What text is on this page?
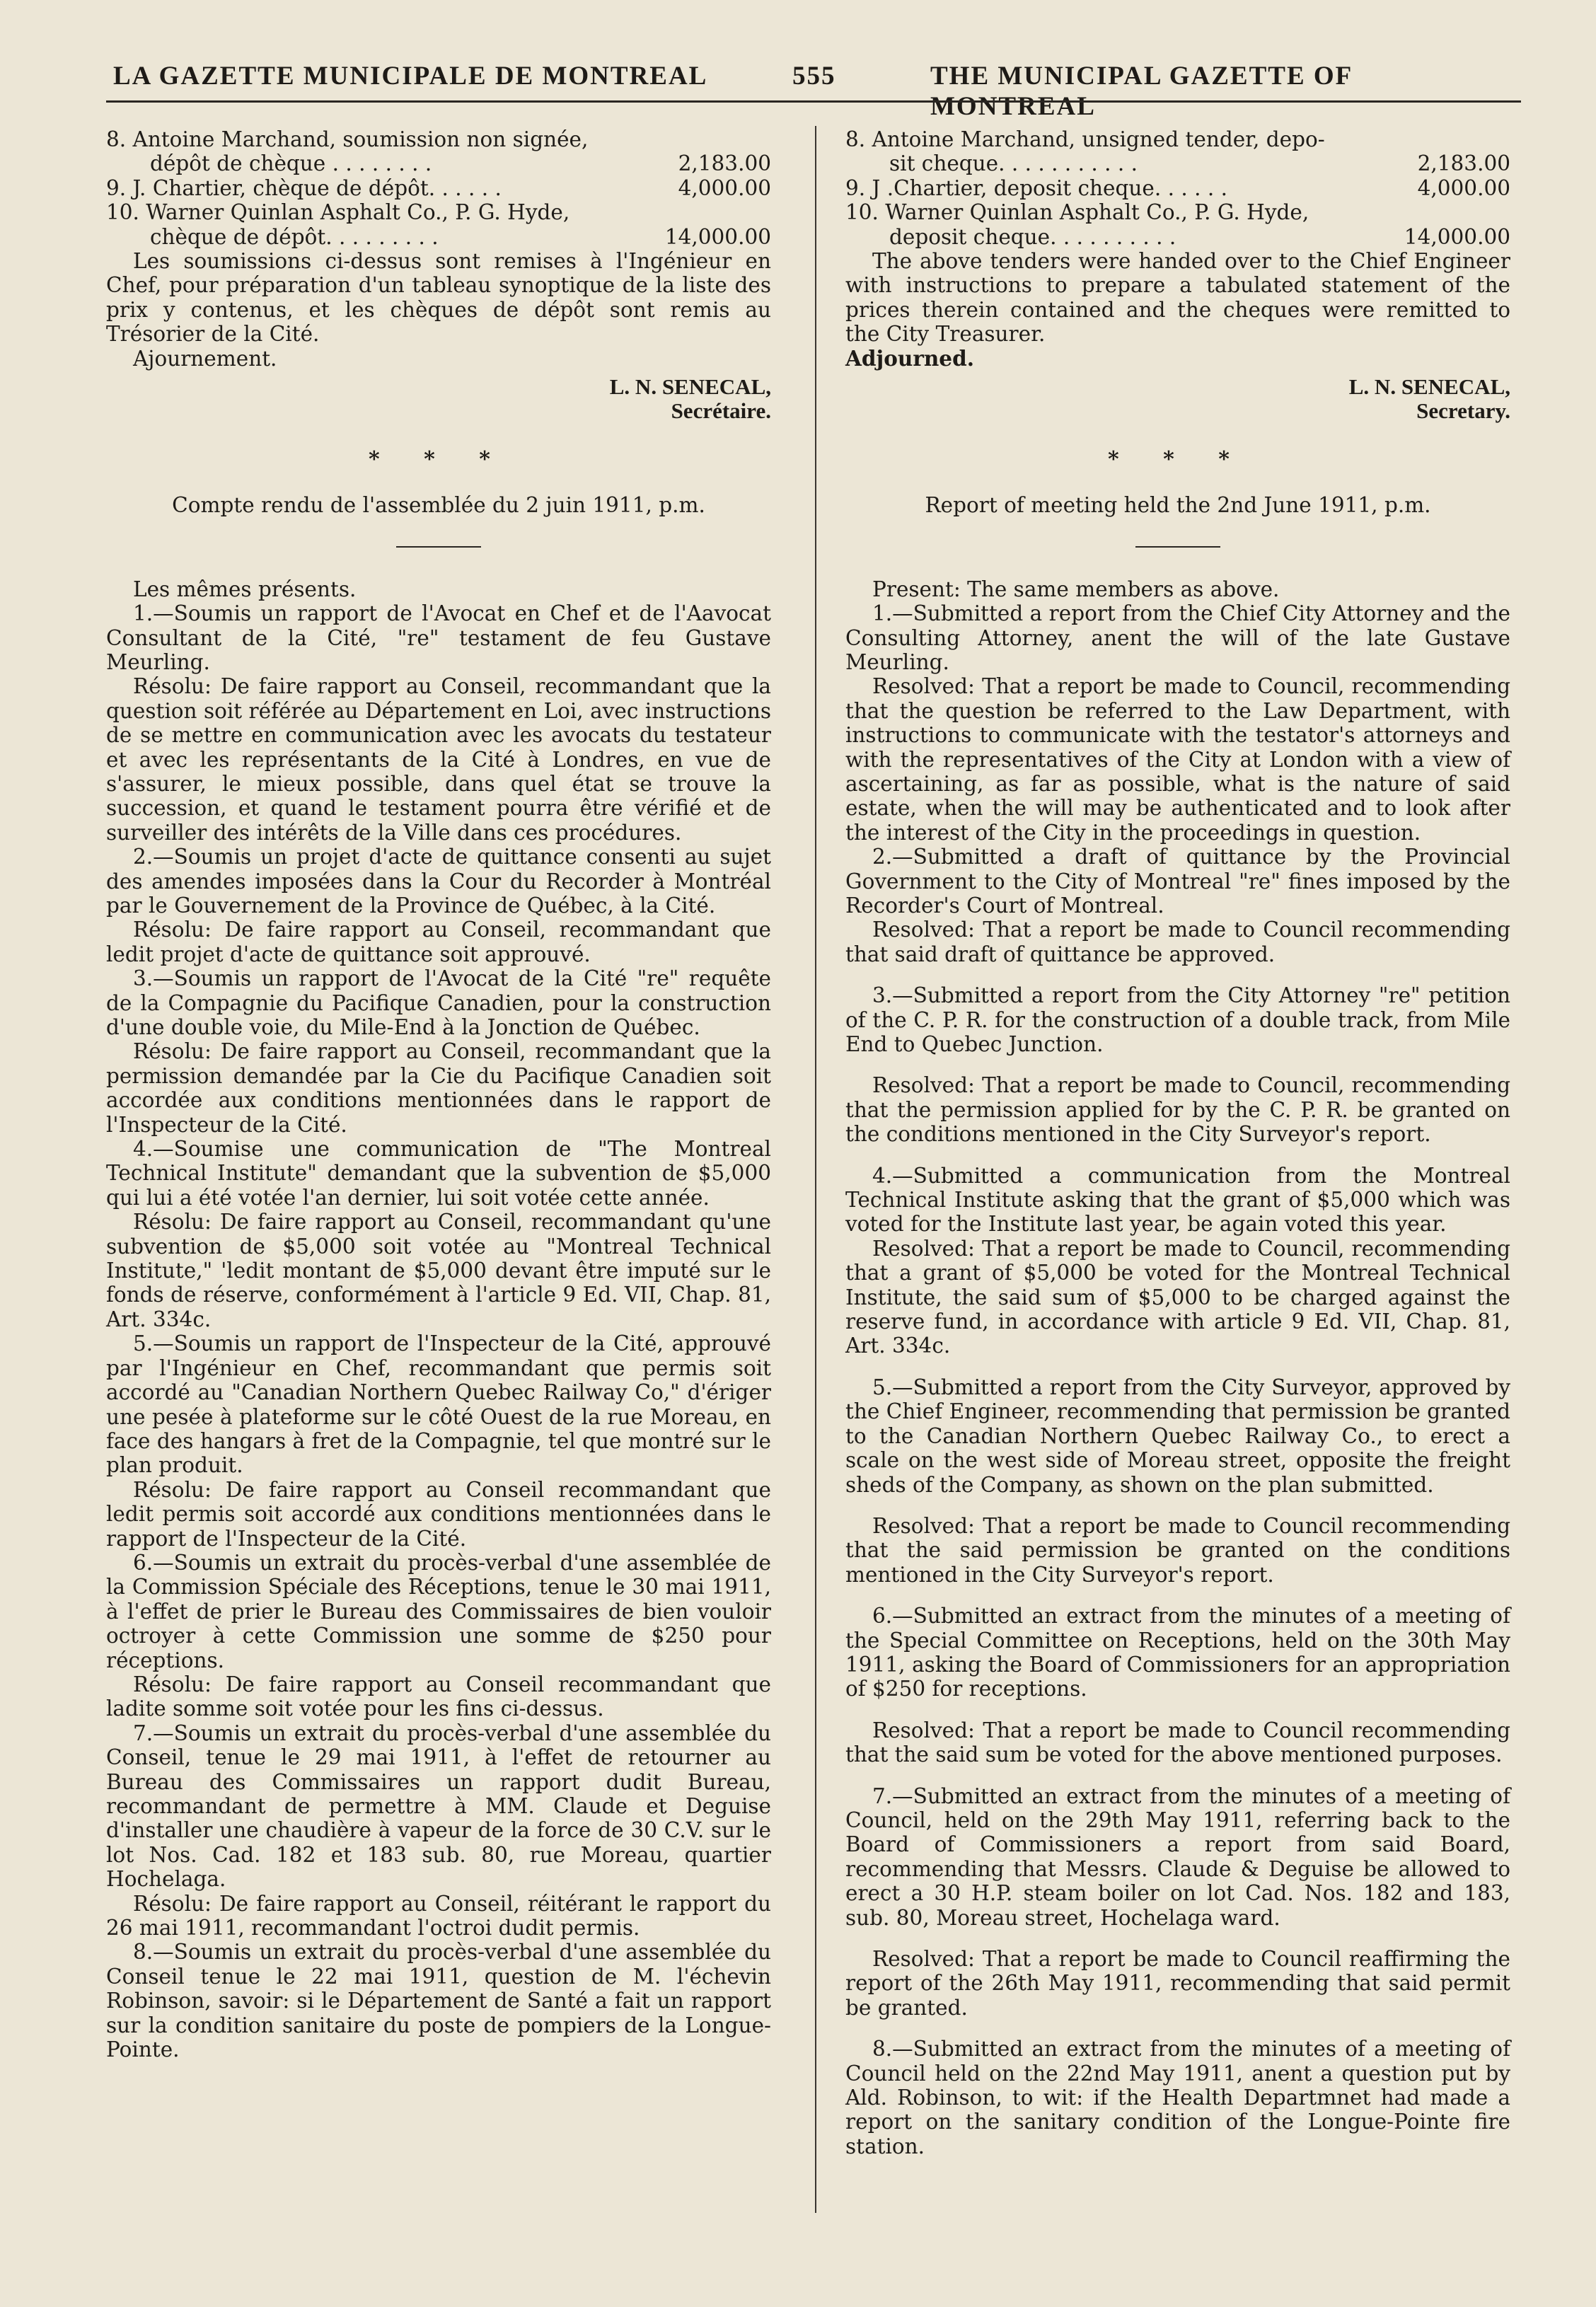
LA GAZETTE MUNICIPALE DE MONTREAL	555	THE MUNICIPAL GAZETTE OF MONTREAL
8. Antoine Marchand, soumission non signée,
dépôt de chèque . . . . . . . .	2,183.00
9. J. Chartier, chèque de dépôt. . . . . .	4,000.00
10. Warner Quinlan Asphalt Co., P. G. Hyde,
chèque de dépôt. . . . . . . . .	14,000.00

Les soumissions ci-dessus sont remises à l'Ingénieur en Chef, pour préparation d'un tableau synoptique de la liste des prix y contenus, et les chèques de dépôt sont remis au Trésorier de la Cité.

Ajournement.

L. N. SENECAL,
Secrétaire.
* * *

Compte rendu de l'assemblée du 2 juin 1911, p.m.

Les mêmes présents.

1.—Soumis un rapport de l'Avocat en Chef et de l'Aavocat Consultant de la Cité, "re" testament de feu Gustave Meurling.

Résolu: De faire rapport au Conseil, recommandant que la question soit référée au Département en Loi, avec instructions de se mettre en communication avec les avocats du testateur et avec les représentants de la Cité à Londres, en vue de s'assurer, le mieux possible, dans quel état se trouve la succession, et quand le testament pourra être vérifié et de surveiller des intérêts de la Ville dans ces procédures.

2.—Soumis un projet d'acte de quittance consenti au sujet des amendes imposées dans la Cour du Recorder à Montréal par le Gouvernement de la Province de Québec, à la Cité.

Résolu: De faire rapport au Conseil, recommandant que ledit projet d'acte de quittance soit approuvé.

3.—Soumis un rapport de l'Avocat de la Cité "re" requête de la Compagnie du Pacifique Canadien, pour la construction d'une double voie, du Mile-End à la Jonction de Québec.

Résolu: De faire rapport au Conseil, recommandant que la permission demandée par la Cie du Pacifique Canadien soit accordée aux conditions mentionnées dans le rapport de l'Inspecteur de la Cité.

4.—Soumise une communication de "The Montreal Technical Institute" demandant que la subvention de $5,000 qui lui a été votée l'an dernier, lui soit votée cette année.

Résolu: De faire rapport au Conseil, recommandant qu'une subvention de $5,000 soit votée au "Montreal Technical Institute," 'ledit montant de $5,000 devant être imputé sur le fonds de réserve, conformément à l'article 9 Ed. VII, Chap. 81, Art. 334c.

5.—Soumis un rapport de l'Inspecteur de la Cité, approuvé par l'Ingénieur en Chef, recommandant que permis soit accordé au "Canadian Northern Quebec Railway Co," d'ériger une pesée à plateforme sur le côté Ouest de la rue Moreau, en face des hangars à fret de la Compagnie, tel que montré sur le plan produit.

Résolu: De faire rapport au Conseil recommandant que ledit permis soit accordé aux conditions mentionnées dans le rapport de l'Inspecteur de la Cité.

6.—Soumis un extrait du procès-verbal d'une assemblée de la Commission Spéciale des Réceptions, tenue le 30 mai 1911, à l'effet de prier le Bureau des Commissaires de bien vouloir octroyer à cette Commission une somme de $250 pour réceptions.

Résolu: De faire rapport au Conseil recommandant que ladite somme soit votée pour les fins ci-dessus.

7.—Soumis un extrait du procès-verbal d'une assemblée du Conseil, tenue le 29 mai 1911, à l'effet de retourner au Bureau des Commissaires un rapport dudit Bureau, recommandant de permettre à MM. Claude et Deguise d'installer une chaudière à vapeur de la force de 30 C.V. sur le lot Nos. Cad. 182 et 183 sub. 80, rue Moreau, quartier Hochelaga.

Résolu: De faire rapport au Conseil, réitérant le rapport du 26 mai 1911, recommandant l'octroi dudit permis.

8.—Soumis un extrait du procès-verbal d'une assemblée du Conseil tenue le 22 mai 1911, question de M. l'échevin Robinson, savoir: si le Département de Santé a fait un rapport sur la condition sanitaire du poste de pompiers de la Longue-Pointe.

8. Antoine Marchand, unsigned tender, depo-
sit cheque. . . . . . . . . . .	2,183.00
9. J .Chartier, deposit cheque. . . . . .	4,000.00
10. Warner Quinlan Asphalt Co., P. G. Hyde,
deposit cheque. . . . . . . . . .	14,000.00

The above tenders were handed over to the Chief Engineer with instructions to prepare a tabulated statement of the prices therein contained and the cheques were remitted to the City Treasurer.

Adjourned.

L. N. SENECAL,
Secretary.
* * *

Report of meeting held the 2nd June 1911, p.m.

Present: The same members as above.

1.—Submitted a report from the Chief City Attorney and the Consulting Attorney, anent the will of the late Gustave Meurling.

Resolved: That a report be made to Council, recommending that the question be referred to the Law Department, with instructions to communicate with the testator's attorneys and with the representatives of the City at London with a view of ascertaining, as far as possible, what is the nature of said estate, when the will may be authenticated and to look after the interest of the City in the proceedings in question.

2.—Submitted a draft of quittance by the Provincial Government to the City of Montreal "re" fines imposed by the Recorder's Court of Montreal.

Resolved: That a report be made to Council recommending that said draft of quittance be approved.

3.—Submitted a report from the City Attorney "re" petition of the C. P. R. for the construction of a double track, from Mile End to Quebec Junction.

Resolved: That a report be made to Council, recommending that the permission applied for by the C. P. R. be granted on the conditions mentioned in the City Surveyor's report.

4.—Submitted a communication from the Montreal Technical Institute asking that the grant of $5,000 which was voted for the Institute last year, be again voted this year.

Resolved: That a report be made to Council, recommending that a grant of $5,000 be voted for the Montreal Technical Institute, the said sum of $5,000 to be charged against the reserve fund, in accordance with article 9 Ed. VII, Chap. 81, Art. 334c.

5.—Submitted a report from the City Surveyor, approved by the Chief Engineer, recommending that permission be granted to the Canadian Northern Quebec Railway Co., to erect a scale on the west side of Moreau street, opposite the freight sheds of the Company, as shown on the plan submitted.

Resolved: That a report be made to Council recommending that the said permission be granted on the conditions mentioned in the City Surveyor's report.

6.—Submitted an extract from the minutes of a meeting of the Special Committee on Receptions, held on the 30th May 1911, asking the Board of Commissioners for an appropriation of $250 for receptions.

Resolved: That a report be made to Council recommending that the said sum be voted for the above mentioned purposes.

7.—Submitted an extract from the minutes of a meeting of Council, held on the 29th May 1911, referring back to the Board of Commissioners a report from said Board, recommending that Messrs. Claude & Deguise be allowed to erect a 30 H.P. steam boiler on lot Cad. Nos. 182 and 183, sub. 80, Moreau street, Hochelaga ward.

Resolved: That a report be made to Council reaffirming the report of the 26th May 1911, recommending that said permit be granted.

8.—Submitted an extract from the minutes of a meeting of Council held on the 22nd May 1911, anent a question put by Ald. Robinson, to wit: if the Health Departmnet had made a report on the sanitary condition of the Longue-Pointe fire station.
